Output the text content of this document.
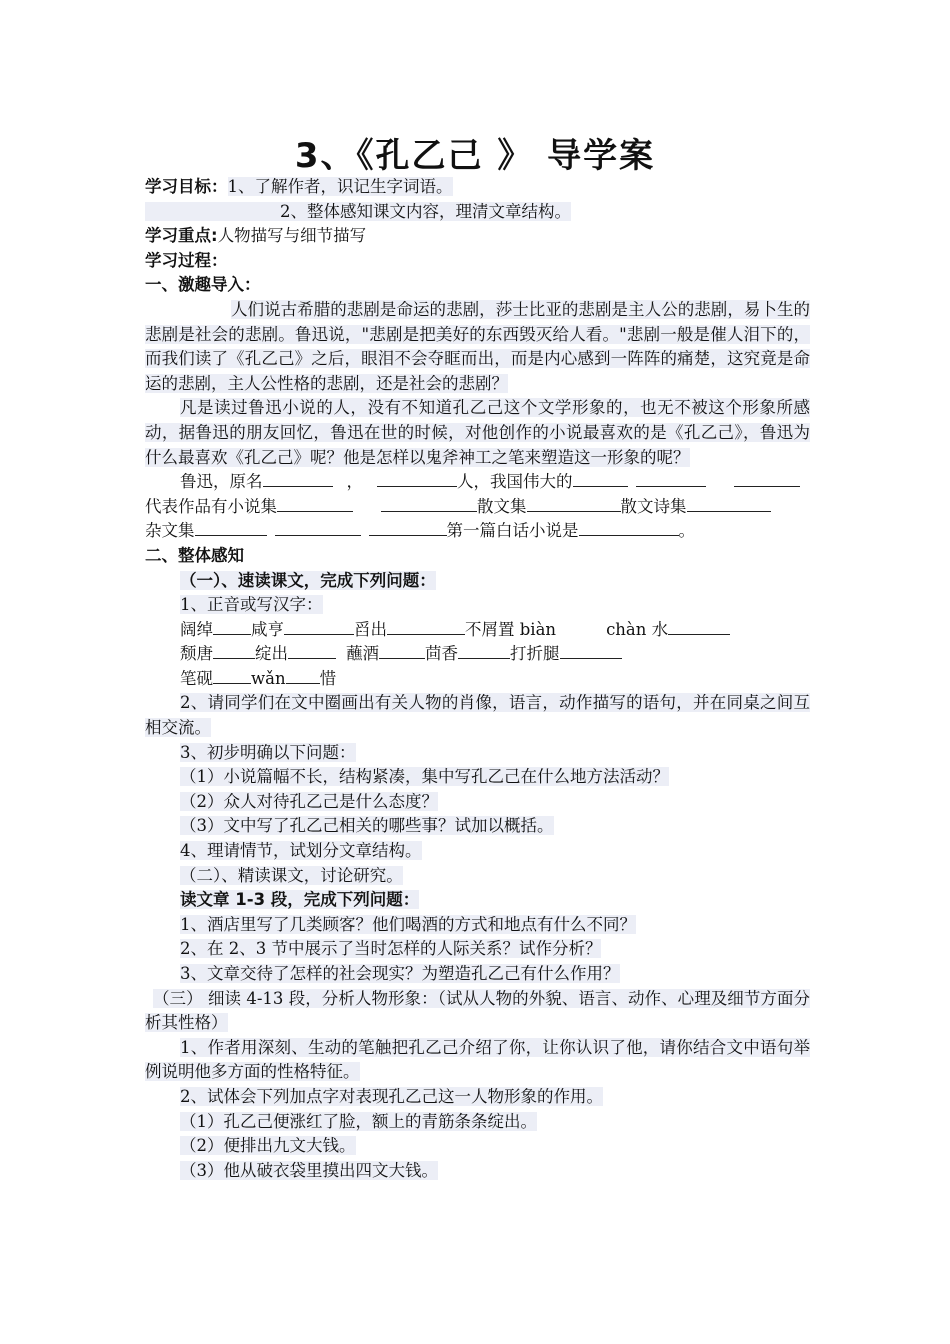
3、《孔乙己 》 导学案
学习目标：1、了解作者，识记生字词语。
2、整体感知课文内容，理清文章结构。
学习重点:人物描写与细节描写
学习过程：
一、激趣导入：
人们说古希腊的悲剧是命运的悲剧，莎士比亚的悲剧是主人公的悲剧，易卜生的悲剧是社会的悲剧。鲁迅说，"悲剧是把美好的东西毁灭给人看。"悲剧一般是催人泪下的，而我们读了《孔乙己》之后，眼泪不会夺眶而出，而是内心感到一阵阵的痛楚，这究竟是命运的悲剧，主人公性格的悲剧，还是社会的悲剧？
凡是读过鲁迅小说的人，没有不知道孔乙己这个文学形象的，也无不被这个形象所感动，据鲁迅的朋友回忆，鲁迅在世的时候，对他创作的小说最喜欢的是《孔乙己》，鲁迅为什么最喜欢《孔乙己》呢？他是怎样以鬼斧神工之笔来塑造这一形象的呢？
鲁迅，原名	，	人，我国伟大的
代表作品有小说集	散文集	散文诗集
杂文集	第一篇白话小说是	。
二、整体感知
（一）、速读课文，完成下列问题：
1、正音或写汉字：
阔绰 咸亨	舀出	不屑置 biàn	chàn 水
颓唐	绽出	蘸酒	茴香	打折腿
笔砚 wǎn 惜
2、请同学们在文中圈画出有关人物的肖像，语言，动作描写的语句，并在同桌之间互相交流。
3、初步明确以下问题：
（1）小说篇幅不长，结构紧凑，集中写孔乙己在什么地方法活动？
（2）众人对待孔乙己是什么态度？
（3）文中写了孔乙己相关的哪些事？试加以概括。
4、理请情节，试划分文章结构。
（二）、精读课文，讨论研究。
读文章 1-3 段，完成下列问题：
1、酒店里写了几类顾客？他们喝酒的方式和地点有什么不同？
2、在 2、3 节中展示了当时怎样的人际关系？试作分析？
3、文章交待了怎样的社会现实？为塑造孔乙己有什么作用？
（三） 细读 4-13 段，分析人物形象：（试从人物的外貌、语言、动作、心理及细节方面分析其性格）
1、作者用深刻、生动的笔触把孔乙己介绍了你，让你认识了他，请你结合文中语句举例说明他多方面的性格特征。
2、试体会下列加点字对表现孔乙己这一人物形象的作用。
（1）孔乙己便涨红了脸，额上的青筋条条绽出。
（2）便排出九文大钱。
（3）他从破衣袋里摸出四文大钱。
